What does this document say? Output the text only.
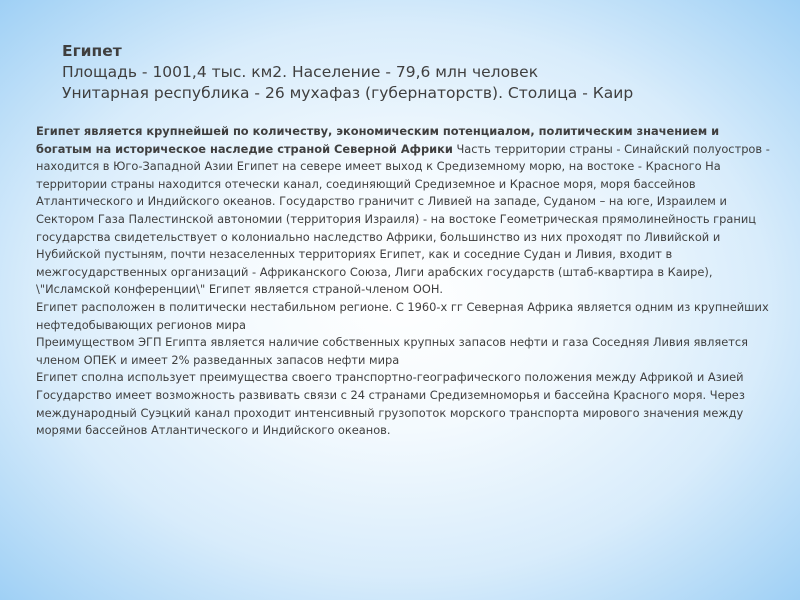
Египет
Площадь - 1001,4 тыс. км2. Население - 79,6 млн человек
Унитарная республика - 26 мухафаз (губернаторств). Столица - Каир

Египет является крупнейшей по количеству, экономическим потенциалом, политическим значением и богатым на историческое наследие страной Северной Африки Часть территории страны - Синайский полуостров - находится в Юго-Западной Азии Египет на севере имеет выход к Средиземному морю, на востоке - Красного На территории страны находится отечески канал, соединяющий Средиземное и Красное моря, моря бассейнов Атлантического и Индийского океанов. Государство граничит с Ливией на западе, Суданом – на юге, Израилем и Сектором Газа Палестинской автономии (территория Израиля) - на востоке Геометрическая прямолинейность границ государства свидетельствует о колониально наследство Африки, большинство из них проходят по Ливийской и Нубийской пустыням, почти незаселенных территориях Египет, как и соседние Судан и Ливия, входит в межгосударственных организаций - Африканского Союза, Лиги арабских государств (штаб-квартира в Каире), \"Исламской конференции\" Египет является страной-членом ООН.

Египет расположен в политически нестабильном регионе. С 1960-х гг Северная Африка является одним из крупнейших нефтедобывающих регионов мира

Преимуществом ЭГП Египта является наличие собственных крупных запасов нефти и газа Соседняя Ливия является членом ОПЕК и имеет 2% разведанных запасов нефти мира

Египет сполна использует преимущества своего транспортно-географического положения между Африкой и Азией Государство имеет возможность развивать связи с 24 странами Средиземноморья и бассейна Красного моря. Через международный Суэцкий канал проходит интенсивный грузопоток морского транспорта мирового значения между морями бассейнов Атлантического и Индийского океанов.
